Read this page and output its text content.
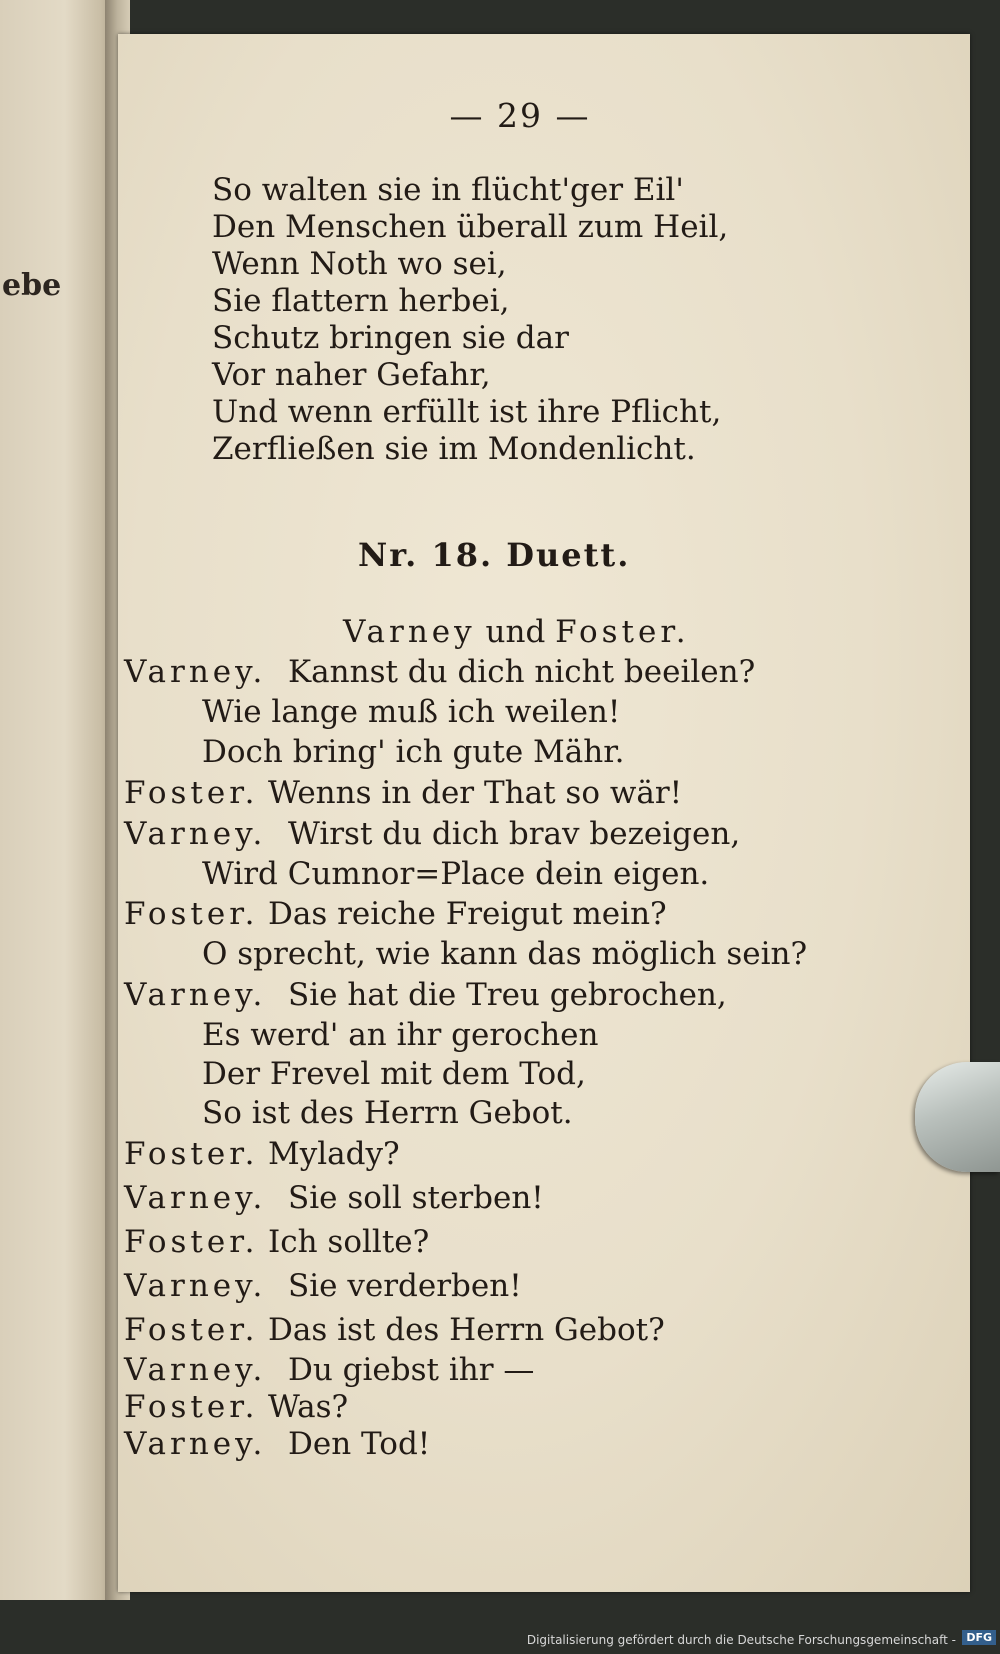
ebe
— 29 —
So walten sie in flücht'ger Eil'
Den Menschen überall zum Heil,
Wenn Noth wo sei,
Sie flattern herbei,
Schutz bringen sie dar
Vor naher Gefahr,
Und wenn erfüllt ist ihre Pflicht,
Zerfließen sie im Mondenlicht.
Nr. 18. Duett.
Varney und Foster.
Varney. Kannst du dich nicht beeilen?
Wie lange muß ich weilen!
Doch bring' ich gute Mähr.
Foster. Wenns in der That so wär!
Varney. Wirst du dich brav bezeigen,
Wird Cumnor=Place dein eigen.
Foster. Das reiche Freigut mein?
O sprecht, wie kann das möglich sein?
Varney. Sie hat die Treu gebrochen,
Es werd' an ihr gerochen
Der Frevel mit dem Tod,
So ist des Herrn Gebot.
Foster. Mylady?
Varney. Sie soll sterben!
Foster. Ich sollte?
Varney. Sie verderben!
Foster. Das ist des Herrn Gebot?
Varney. Du giebst ihr —
Foster. Was?
Varney. Den Tod!
Digitalisierung gefördert durch die Deutsche Forschungsgemeinschaft - DFG
